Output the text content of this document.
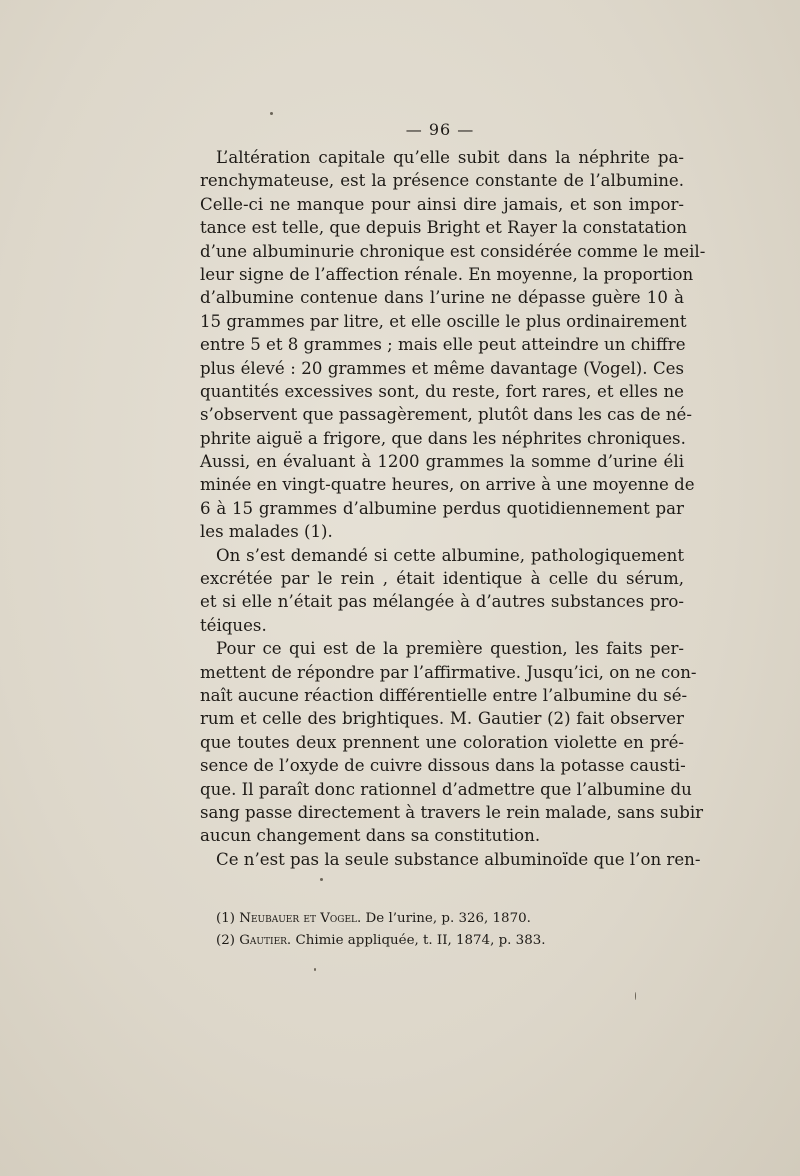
— 96 —
L’altération capitale qu’elle subit dans la néphrite pa-
renchymateuse, est la présence constante de l’albumine.
Celle-ci ne manque pour ainsi dire jamais, et son impor-
tance est telle, que depuis Bright et Rayer la constatation
d’une albuminurie chronique est considérée comme le meil-
leur signe de l’affection rénale. En moyenne, la proportion
d’albumine contenue dans l’urine ne dépasse guère 10 à
15 grammes par litre, et elle oscille le plus ordinairement
entre 5 et 8 grammes ; mais elle peut atteindre un chiffre
plus élevé : 20 grammes et même davantage (Vogel). Ces
quantités excessives sont, du reste, fort rares, et elles ne
s’observent que passagèrement, plutôt dans les cas de né-
phrite aiguë a frigore, que dans les néphrites chroniques.
Aussi, en évaluant à 1200 grammes la somme d’urine éli
minée en vingt-quatre heures, on arrive à une moyenne de
6 à 15 grammes d’albumine perdus quotidiennement par
les malades (1).
On s’est demandé si cette albumine, pathologiquement
excrétée par le rein , était identique à celle du sérum,
et si elle n’était pas mélangée à d’autres substances pro-
téiques.
Pour ce qui est de la première question, les faits per-
mettent de répondre par l’affirmative. Jusqu’ici, on ne con-
naît aucune réaction différentielle entre l’albumine du sé-
rum et celle des brightiques. M. Gautier (2) fait observer
que toutes deux prennent une coloration violette en pré-
sence de l’oxyde de cuivre dissous dans la potasse causti-
que. Il paraît donc rationnel d’admettre que l’albumine du
sang passe directement à travers le rein malade, sans subir
aucun changement dans sa constitution.
Ce n’est pas la seule substance albuminoïde que l’on ren-
(1) Neubauer et Vogel. De l’urine, p. 326, 1870.
(2) Gautier. Chimie appliquée, t. II, 1874, p. 383.
